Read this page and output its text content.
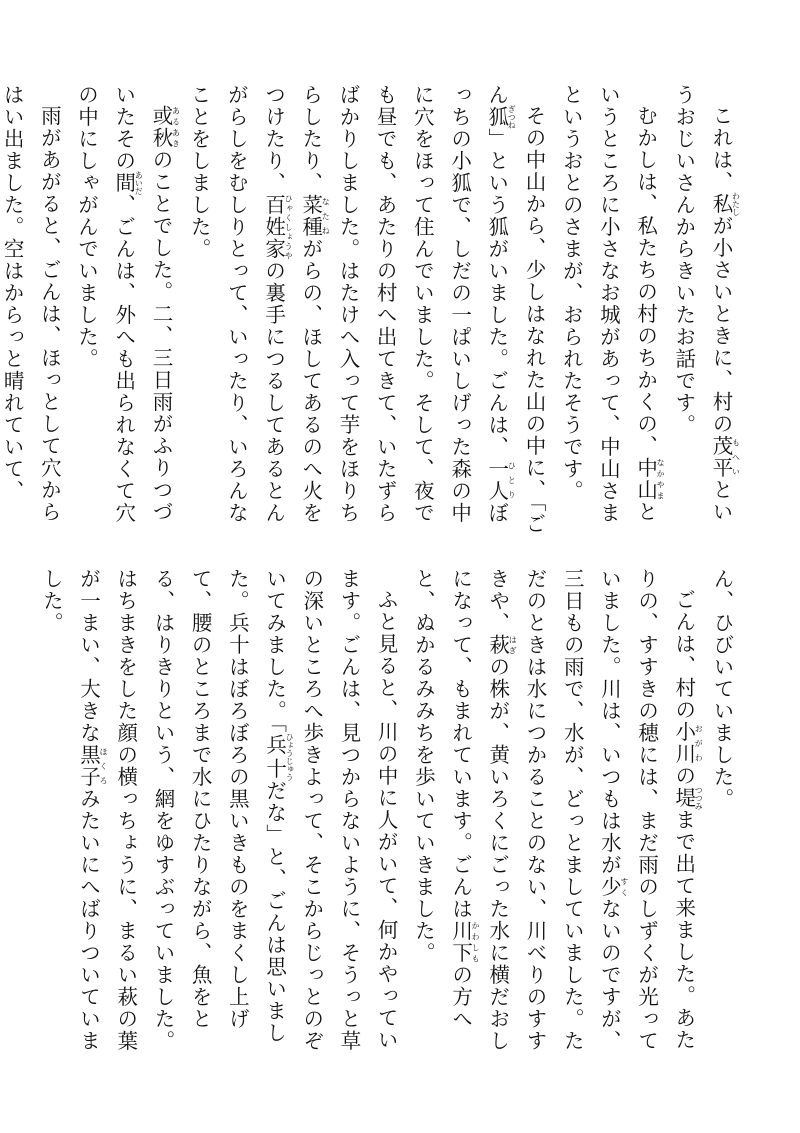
これは、私わたしが小さいときに、村の茂平もへいというおじいさんからきいたお話です。

むかしは、私たちの村のちかくの、中山なかやまというところに小さなお城があって、中山さまというおとのさまが、おられたそうです。

その中山から、少しはなれた山の中に、「ごん狐ぎつね」という狐がいました。ごんは、一人ひとりぼっちの小狐で、しだの一ぱいしげった森の中に穴をほって住んでいました。そして、夜でも昼でも、あたりの村へ出てきて、いたずらばかりしました。はたけへ入って芋をほりちらしたり、菜種なたねがらの、ほしてあるのへ火をつけたり、百姓家ひゃくしょうやの裏手につるしてあるとんがらしをむしりとって、いったり、いろんなことをしました。

或秋あるあきのことでした。二、三日雨がふりつづいたその間あいだ、ごんは、外へも出られなくて穴の中にしゃがんでいました。

雨があがると、ごんは、ほっとして穴からはい出ました。空はからっと晴れていて、

ん、ひびいていました。

ごんは、村の小川おがわの堤つつみまで出て来ました。あたりの、すすきの穂には、まだ雨のしずくが光っていました。川は、いつもは水が少すくないのですが、三日もの雨で、水が、どっとましていました。ただのときは水につかることのない、川べりのすすきや、萩はぎの株が、黄いろくにごった水に横だおしになって、もまれています。ごんは川下かわしもの方へと、ぬかるみみちを歩いていきました。

ふと見ると、川の中に人がいて、何かやっています。ごんは、見つからないように、そうっと草の深いところへ歩きよって、そこからじっとのぞいてみました。「兵十ひょうじゅうだな」と、ごんは思いました。兵十はぼろぼろの黒いきものをまくし上げて、腰のところまで水にひたりながら、魚をとる、はりきりという、網をゆすぶっていました。はちまきをした顔の横っちょうに、まるい萩の葉が一まい、大きな黒子ほくろみたいにへばりついていました。
